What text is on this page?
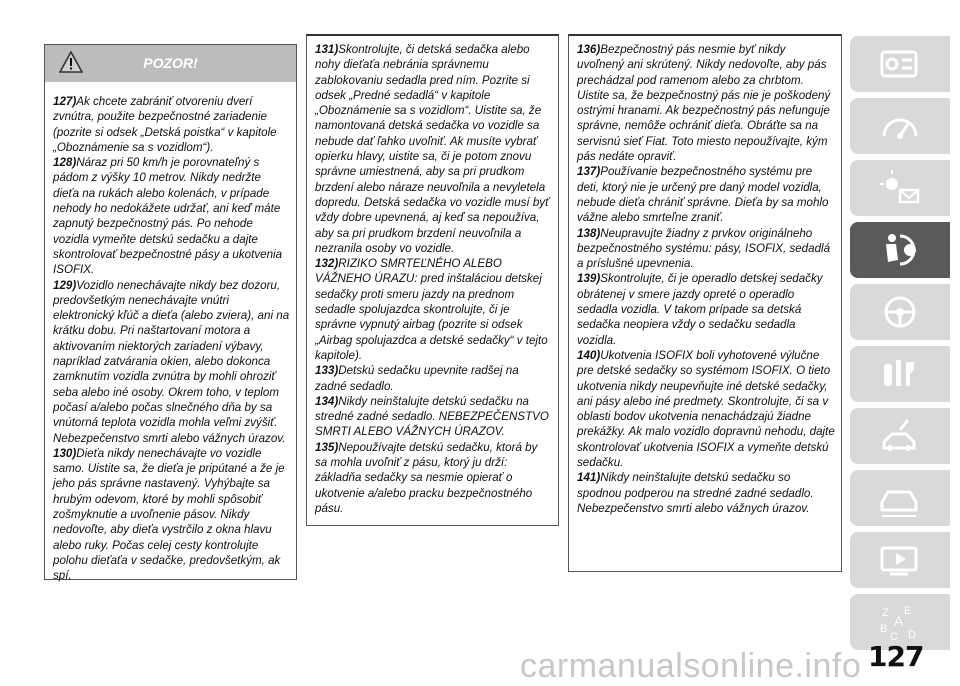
POZOR!

127)Ak chcete zabrániť otvoreniu dverí zvnútra, použite bezpečnostné zariadenie (pozrite si odsek „Detská poistka“ v kapitole „Oboznámenie sa s vozidlom“).

128)Náraz pri 50 km/h je porovnateľný s pádom z výšky 10 metrov. Nikdy nedržte dieťa na rukách alebo kolenách, v prípade nehody ho nedokážete udržať, ani keď máte zapnutý bezpečnostný pás. Po nehode vozidla vymeňte detskú sedačku a dajte skontrolovať bezpečnostné pásy a ukotvenia ISOFIX.

129)Vozidlo nenechávajte nikdy bez dozoru, predovšetkým nenechávajte vnútri elektronický kľúč a dieťa (alebo zviera), ani na krátku dobu. Pri naštartovaní motora a aktivovaním niektorých zariadení výbavy, napríklad zatvárania okien, alebo dokonca zamknutím vozidla zvnútra by mohli ohroziť seba alebo iné osoby. Okrem toho, v teplom počasí a/alebo počas slnečného dňa by sa vnútorná teplota vozidla mohla veľmi zvýšiť. Nebezpečenstvo smrti alebo vážnych úrazov.

130)Dieťa nikdy nenechávajte vo vozidle samo. Uistite sa, že dieťa je pripútané a že je jeho pás správne nastavený. Vyhýbajte sa hrubým odevom, ktoré by mohli spôsobiť zošmyknutie a uvoľnenie pásov. Nikdy nedovoľte, aby dieťa vystrčilo z okna hlavu alebo ruky. Počas celej cesty kontrolujte polohu dieťaťa v sedačke, predovšetkým, ak spí.

131)Skontrolujte, či detská sedačka alebo nohy dieťaťa nebránia správnemu zablokovaniu sedadla pred ním. Pozrite si odsek „Predné sedadlá“ v kapitole „Oboznámenie sa s vozidlom“. Uistite sa, že namontovaná detská sedačka vo vozidle sa nebude dať ľahko uvoľniť. Ak musíte vybrať opierku hlavy, uistite sa, či je potom znovu správne umiestnená, aby sa pri prudkom brzdení alebo náraze neuvoľnila a nevyletela dopredu. Detská sedačka vo vozidle musí byť vždy dobre upevnená, aj keď sa nepoužíva, aby sa pri prudkom brzdení neuvoľnila a nezranila osoby vo vozidle.

132)RIZIKO SMRTEĽNÉHO ALEBO VÁŽNEHO ÚRAZU: pred inštaláciou detskej sedačky proti smeru jazdy na prednom sedadle spolujazdca skontrolujte, či je správne vypnutý airbag (pozrite si odsek „Airbag spolujazdca a detské sedačky“ v tejto kapitole).

133)Detskú sedačku upevnite radšej na zadné sedadlo.

134)Nikdy neinštalujte detskú sedačku na stredné zadné sedadlo. NEBEZPEČENSTVO SMRTI ALEBO VÁŽNYCH ÚRAZOV.

135)Nepoužívajte detskú sedačku, ktorá by sa mohla uvoľniť z pásu, ktorý ju drží: základňa sedačky sa nesmie opierať o ukotvenie a/alebo pracku bezpečnostného pásu.

136)Bezpečnostný pás nesmie byť nikdy uvoľnený ani skrútený. Nikdy nedovoľte, aby pás prechádzal pod ramenom alebo za chrbtom. Uistite sa, že bezpečnostný pás nie je poškodený ostrými hranami. Ak bezpečnostný pás nefunguje správne, nemôže ochrániť dieťa. Obráťte sa na servisnú sieť Fiat. Toto miesto nepoužívajte, kým pás nedáte opraviť.

137)Používanie bezpečnostného systému pre deti, ktorý nie je určený pre daný model vozidla, nebude dieťa chrániť správne. Dieťa by sa mohlo vážne alebo smrteľne zraniť.

138)Neupravujte žiadny z prvkov originálneho bezpečnostného systému: pásy, ISOFIX, sedadlá a príslušné upevnenia.

139)Skontrolujte, či je operadlo detskej sedačky obrátenej v smere jazdy opreté o operadlo sedadla vozidla. V takom prípade sa detská sedačka neopiera vždy o sedačku sedadla vozidla.

140)Ukotvenia ISOFIX boli vyhotovené výlučne pre detské sedačky so systémom ISOFIX. O tieto ukotvenia nikdy neupevňujte iné detské sedačky, ani pásy alebo iné predmety. Skontrolujte, či sa v oblasti bodov ukotvenia nenachádzajú žiadne prekážky. Ak malo vozidlo dopravnú nehodu, dajte skontrolovať ukotvenia ISOFIX a vymeňte detskú sedačku.

141)Nikdy neinštalujte detskú sedačku so spodnou podperou na stredné zadné sedadlo. Nebezpečenstvo smrti alebo vážnych úrazov.

Z E
B A
C D
127
carmanualsonline.info
